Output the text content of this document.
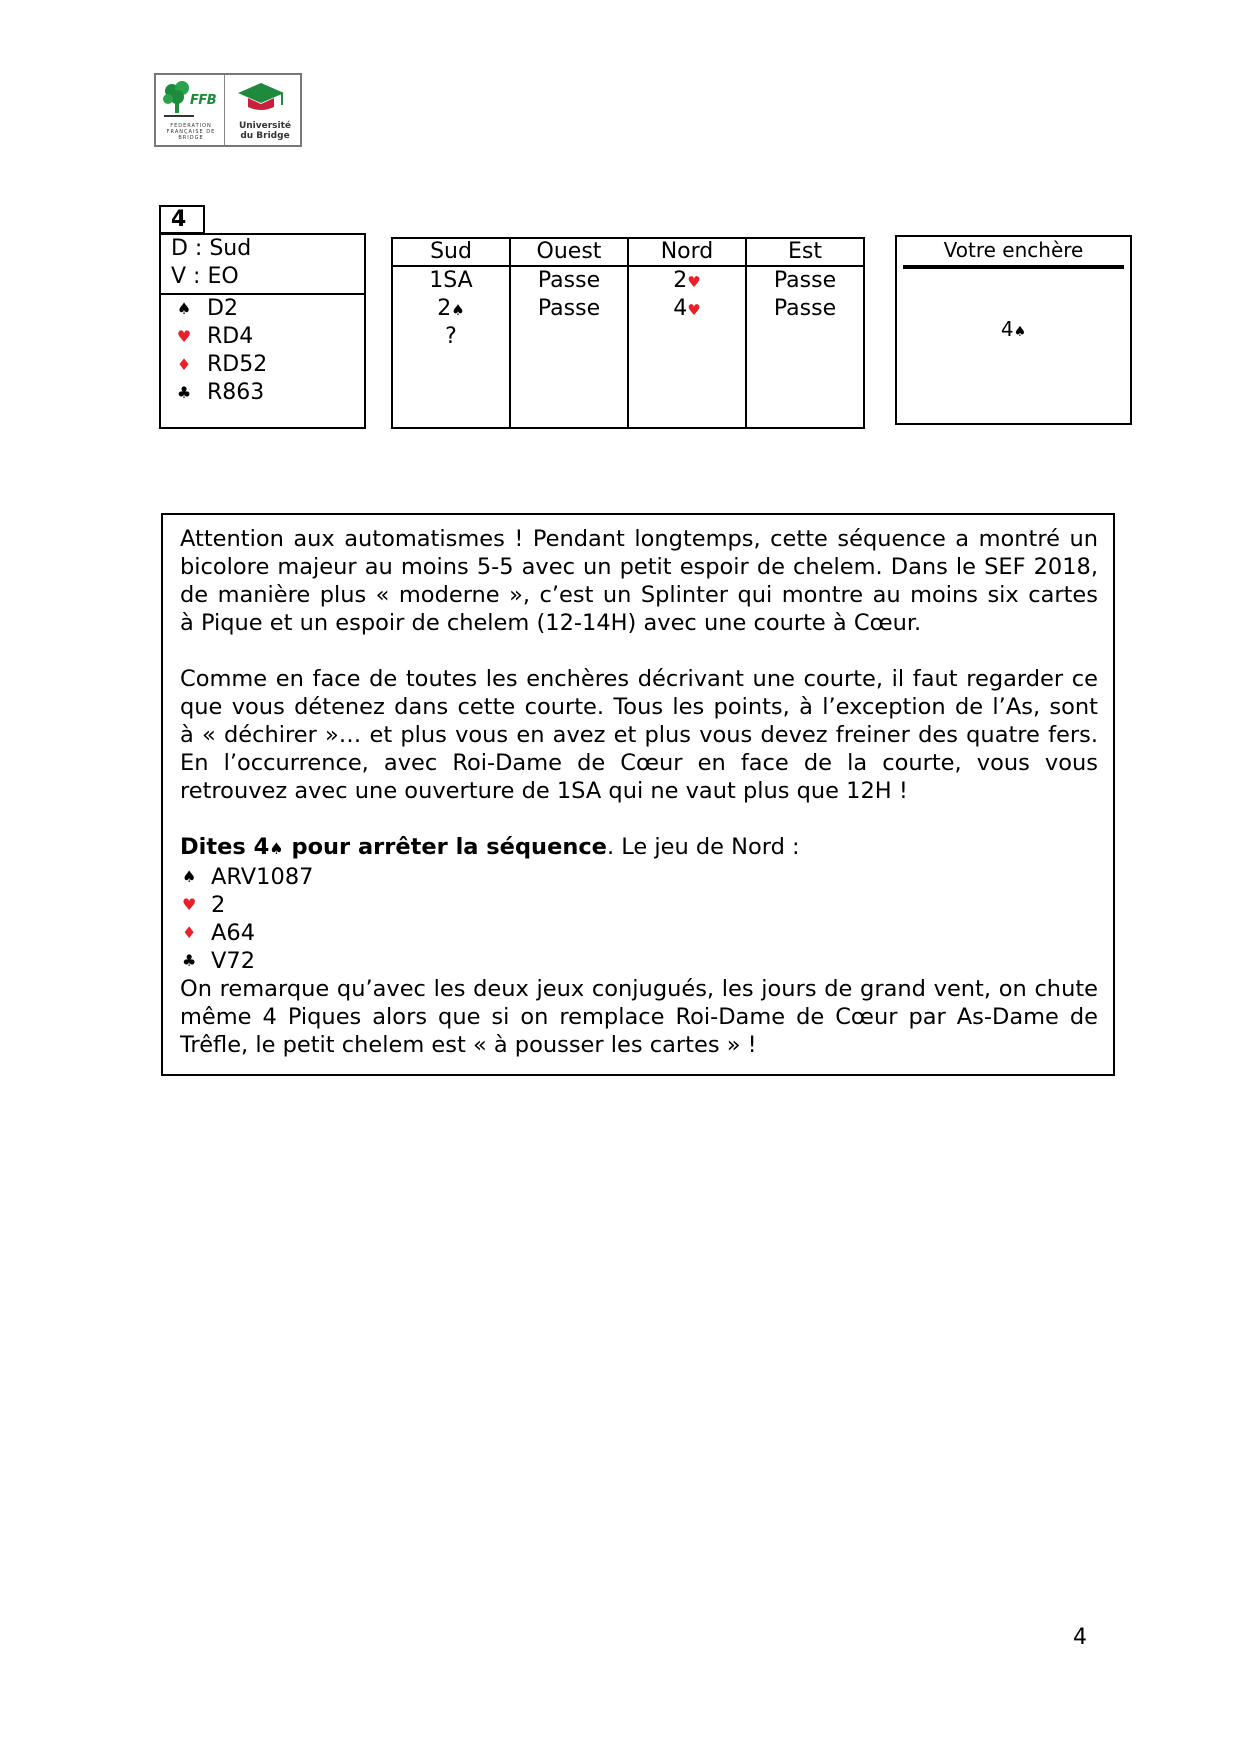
FFB
FEDERATION FRANÇAISE DE BRIDGE
Université
du Bridge
4
D : Sud
V : EO
♠ D2
♥ RD4
♦ RD52
♣ R863
Sud
1SA
2♠
?
Ouest
Passe
Passe
Nord
2♥
4♥
Est
Passe
Passe
Votre enchère
4♠

Attention aux automatismes ! Pendant longtemps, cette séquence a montré un

bicolore majeur au moins 5-5 avec un petit espoir de chelem. Dans le SEF 2018,

de manière plus « moderne », c’est un Splinter qui montre au moins six cartes

à Pique et un espoir de chelem (12-14H) avec une courte à Cœur.

Comme en face de toutes les enchères décrivant une courte, il faut regarder ce

que vous détenez dans cette courte. Tous les points, à l’exception de l’As, sont

à « déchirer »… et plus vous en avez et plus vous devez freiner des quatre fers.

En l’occurrence, avec Roi-Dame de Cœur en face de la courte, vous vous

retrouvez avec une ouverture de 1SA qui ne vaut plus que 12H !

Dites 4♠ pour arrêter la séquence. Le jeu de Nord :

♠ ARV1087
♥ 2
♦ A64
♣ V72

On remarque qu’avec les deux jeux conjugués, les jours de grand vent, on chute

même 4 Piques alors que si on remplace Roi-Dame de Cœur par As-Dame de

Trêfle, le petit chelem est « à pousser les cartes » !

4
